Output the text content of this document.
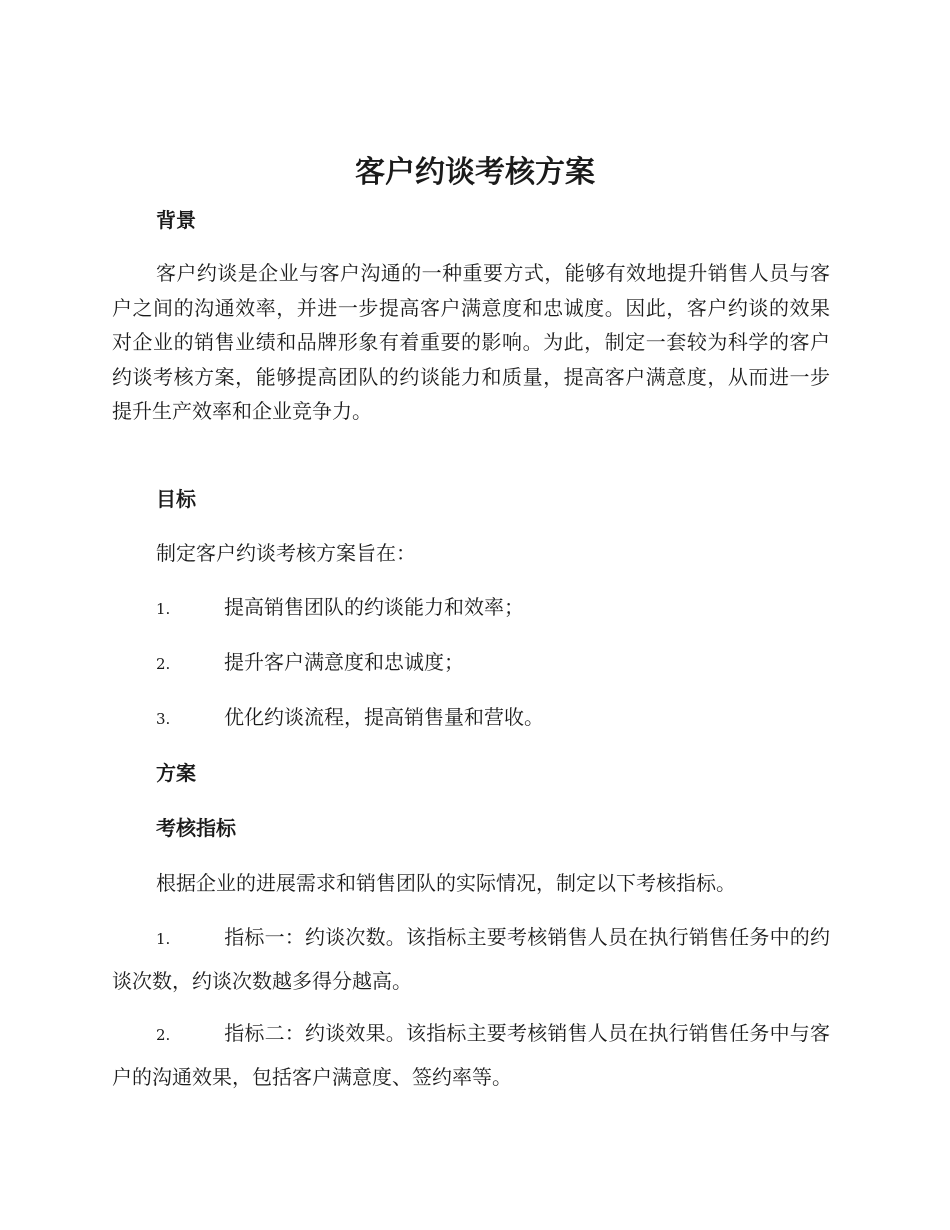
客户约谈考核方案
背景

客户约谈是企业与客户沟通的一种重要方式，能够有效地提升销售人员与客户之间的沟通效率，并进一步提高客户满意度和忠诚度。因此，客户约谈的效果对企业的销售业绩和品牌形象有着重要的影响。为此，制定一套较为科学的客户约谈考核方案，能够提高团队的约谈能力和质量，提高客户满意度，从而进一步提升生产效率和企业竞争力。

目标

制定客户约谈考核方案旨在：

1.	提高销售团队的约谈能力和效率；

2.	提升客户满意度和忠诚度；

3.	优化约谈流程，提高销售量和营收。

方案
考核指标

根据企业的进展需求和销售团队的实际情况，制定以下考核指标。

1.	指标一：约谈次数。该指标主要考核销售人员在执行销售任务中的约谈次数，约谈次数越多得分越高。

2.	指标二：约谈效果。该指标主要考核销售人员在执行销售任务中与客户的沟通效果，包括客户满意度、签约率等。
